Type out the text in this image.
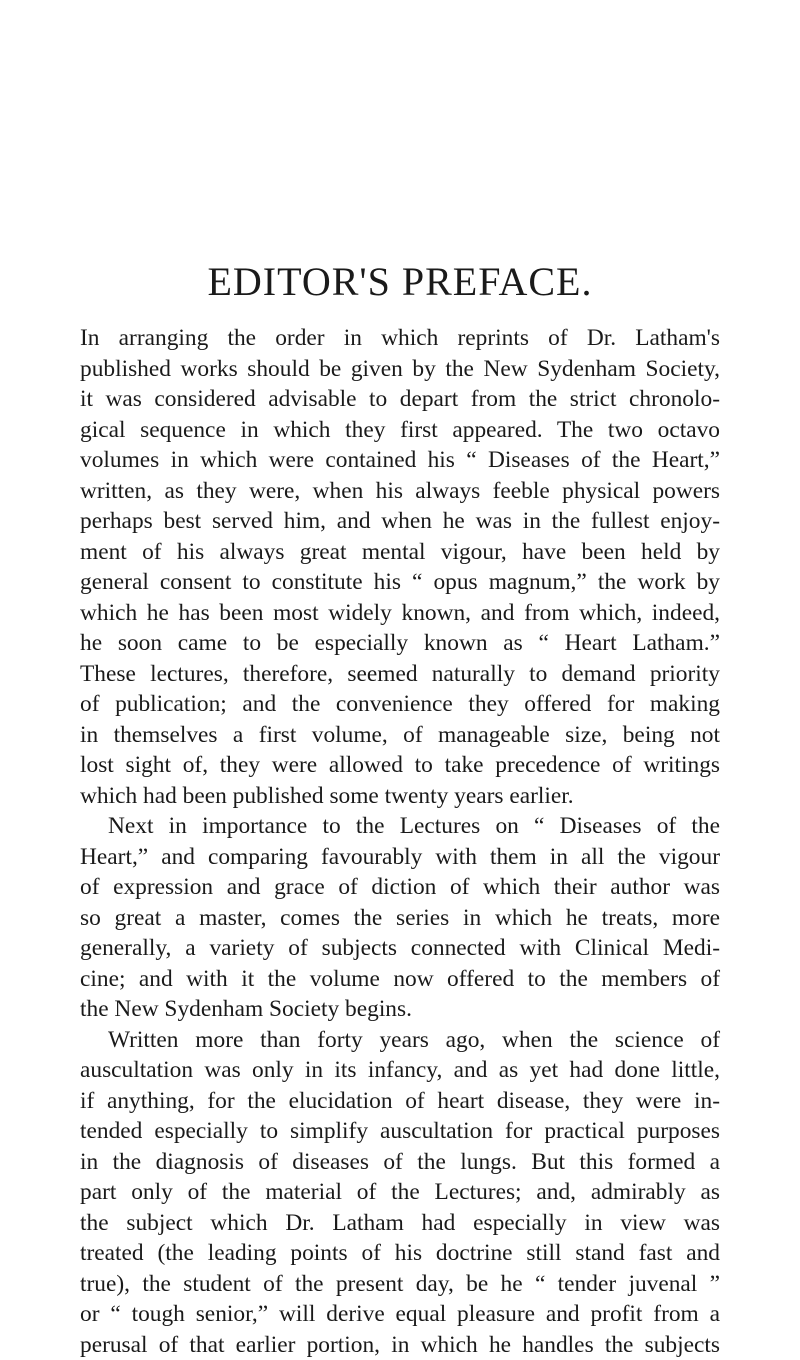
EDITOR'S PREFACE.
In arranging the order in which reprints of Dr. Latham's
published works should be given by the New Sydenham Society,
it was considered advisable to depart from the strict chronolo-
gical sequence in which they first appeared. The two octavo
volumes in which were contained his “ Diseases of the Heart,”
written, as they were, when his always feeble physical powers
perhaps best served him, and when he was in the fullest enjoy-
ment of his always great mental vigour, have been held by
general consent to constitute his “ opus magnum,” the work by
which he has been most widely known, and from which, indeed,
he soon came to be especially known as “ Heart Latham.”
These lectures, therefore, seemed naturally to demand priority
of publication; and the convenience they offered for making
in themselves a first volume, of manageable size, being not
lost sight of, they were allowed to take precedence of writings
which had been published some twenty years earlier.
Next in importance to the Lectures on “ Diseases of the
Heart,” and comparing favourably with them in all the vigour
of expression and grace of diction of which their author was
so great a master, comes the series in which he treats, more
generally, a variety of subjects connected with Clinical Medi-
cine; and with it the volume now offered to the members of
the New Sydenham Society begins.
Written more than forty years ago, when the science of
auscultation was only in its infancy, and as yet had done little,
if anything, for the elucidation of heart disease, they were in-
tended especially to simplify auscultation for practical purposes
in the diagnosis of diseases of the lungs. But this formed a
part only of the material of the Lectures; and, admirably as
the subject which Dr. Latham had especially in view was
treated (the leading points of his doctrine still stand fast and
true), the student of the present day, be he “ tender juvenal ”
or “ tough senior,” will derive equal pleasure and profit from a
perusal of that earlier portion, in which he handles the subjects
